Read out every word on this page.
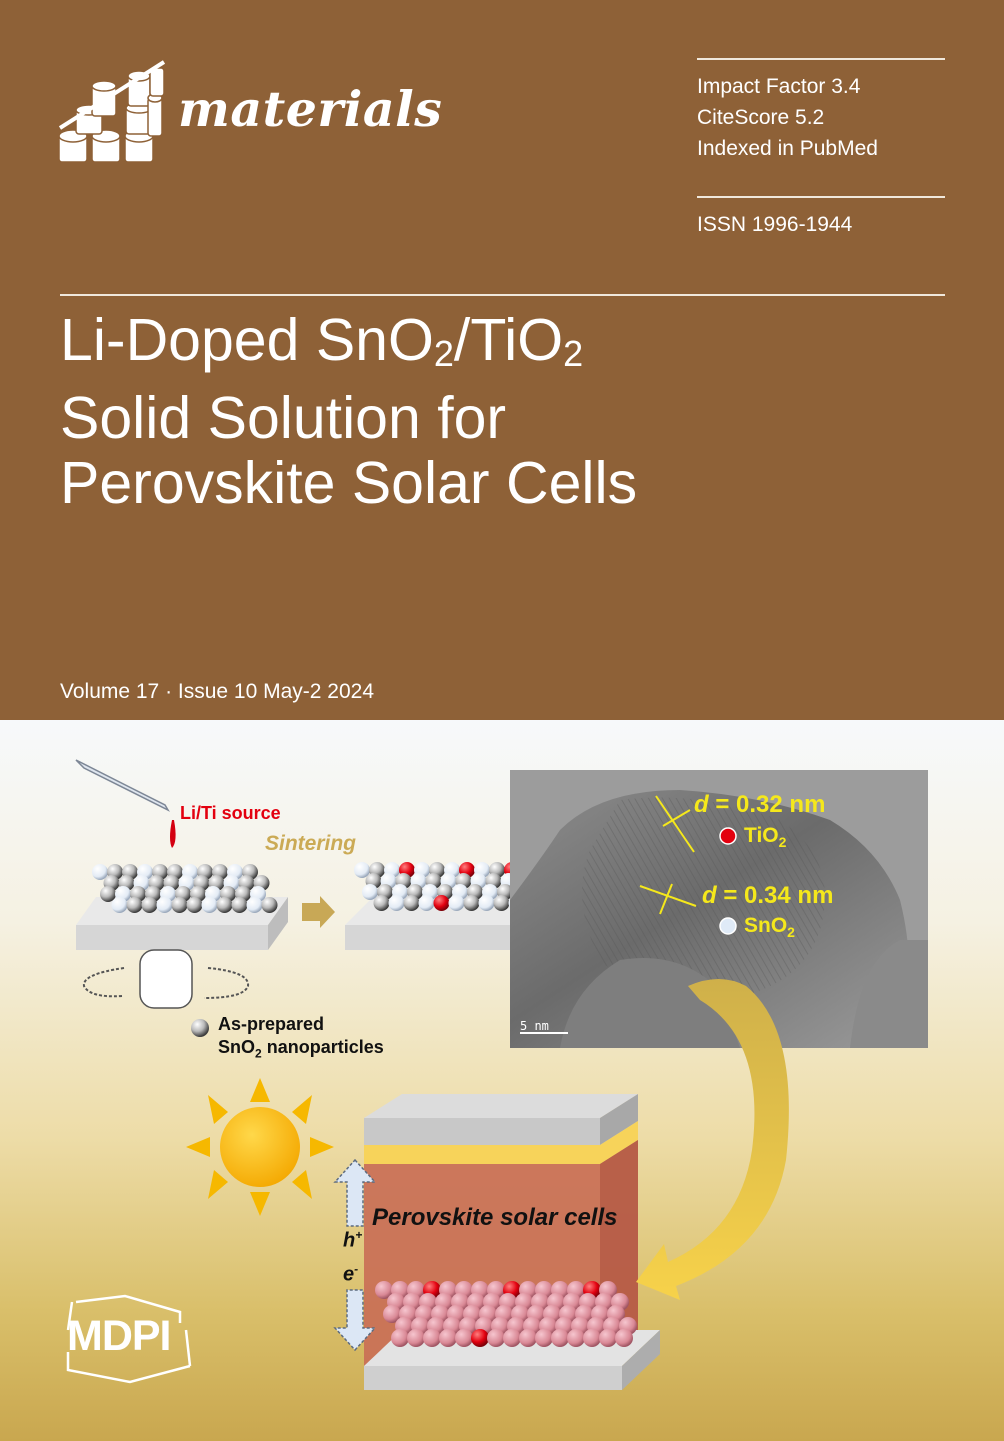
materials	Impact Factor 3.4
CiteScore 5.2
Indexed in PubMed
ISSN 1996-1944
Li-Doped SnO$_2$/TiO$_2$
Solid Solution for
Perovskite Solar Cells
Volume 17 · Issue 10 May-2 2024
Li/Ti source
Sintering
As-prepared
SnO$_2$ nanoparticles
d = 0.32 nm
TiO$_2$
d = 0.34 nm
SnO$_2$
5 nm
Perovskite solar cells
h+
e-
MDPI
